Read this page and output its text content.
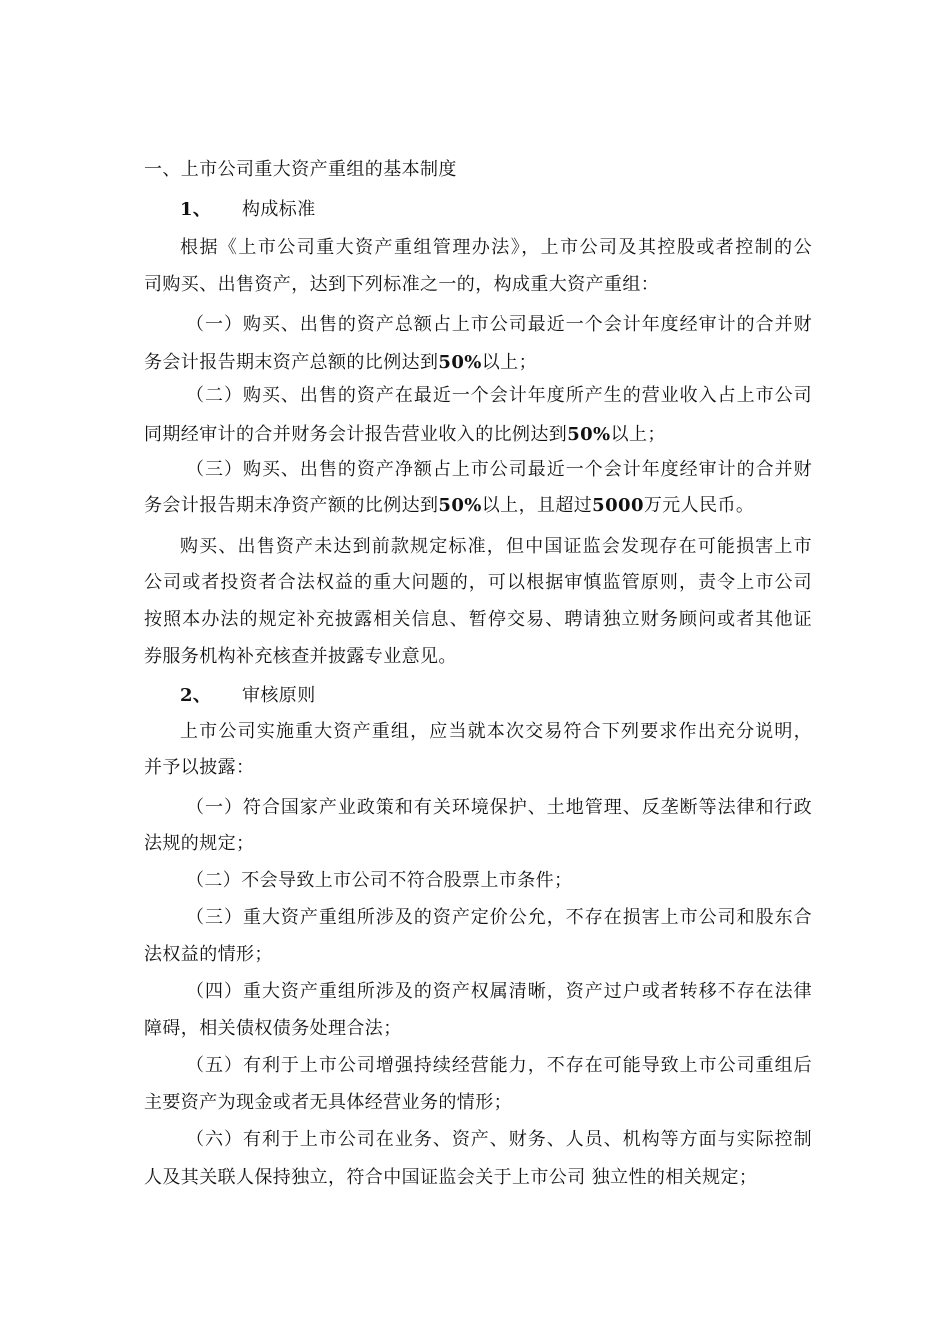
一、上市公司重大资产重组的基本制度
1、 构成标准
根据《上市公司重大资产重组管理办法》，上市公司及其控股或者控制的公
司购买、出售资产，达到下列标准之一的，构成重大资产重组：
（一）购买、出售的资产总额占上市公司最近一个会计年度经审计的合并财
务会计报告期末资产总额的比例达到50%以上；
（二）购买、出售的资产在最近一个会计年度所产生的营业收入占上市公司
同期经审计的合并财务会计报告营业收入的比例达到50%以上；
（三）购买、出售的资产净额占上市公司最近一个会计年度经审计的合并财
务会计报告期末净资产额的比例达到50%以上，且超过5000万元人民币。
购买、出售资产未达到前款规定标准，但中国证监会发现存在可能损害上市
公司或者投资者合法权益的重大问题的，可以根据审慎监管原则，责令上市公司
按照本办法的规定补充披露相关信息、暂停交易、聘请独立财务顾问或者其他证
券服务机构补充核查并披露专业意见。
2、 审核原则
上市公司实施重大资产重组，应当就本次交易符合下列要求作出充分说明，
并予以披露：
（一）符合国家产业政策和有关环境保护、土地管理、反垄断等法律和行政
法规的规定；
（二）不会导致上市公司不符合股票上市条件；
（三）重大资产重组所涉及的资产定价公允，不存在损害上市公司和股东合
法权益的情形；
（四）重大资产重组所涉及的资产权属清晰，资产过户或者转移不存在法律
障碍，相关债权债务处理合法；
（五）有利于上市公司增强持续经营能力，不存在可能导致上市公司重组后
主要资产为现金或者无具体经营业务的情形；
（六）有利于上市公司在业务、资产、财务、人员、机构等方面与实际控制
人及其关联人保持独立，符合中国证监会关于上市公司 独立性的相关规定；
